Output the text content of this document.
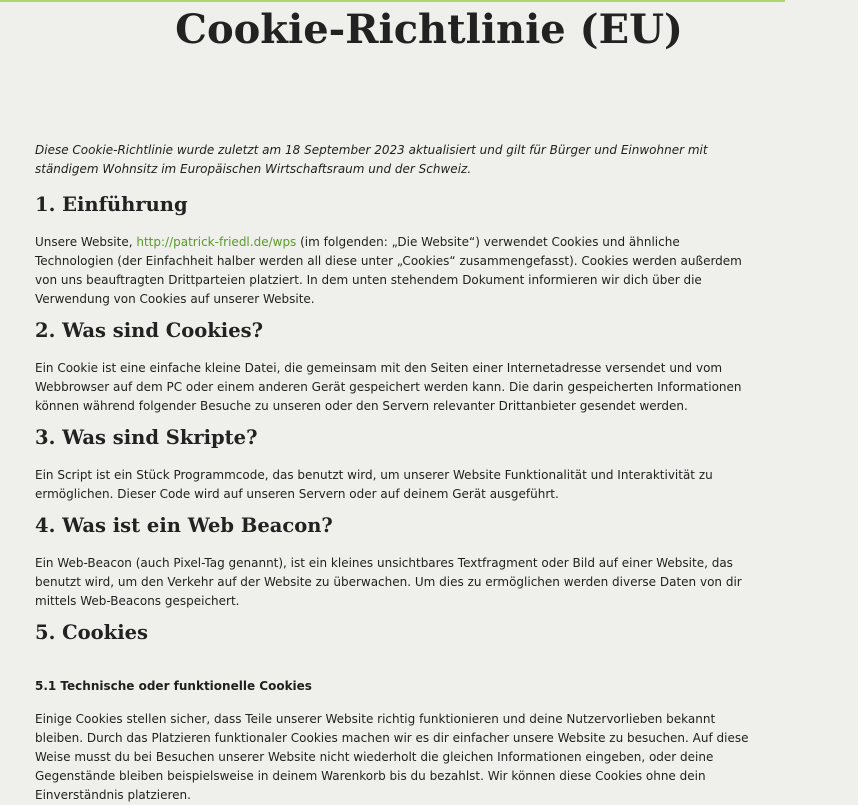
Cookie-Richtlinie (EU)

Diese Cookie-Richtlinie wurde zuletzt am 18 September 2023 aktualisiert und gilt für Bürger und Einwohner mit ständigem Wohnsitz im Europäischen Wirtschaftsraum und der Schweiz.

1. Einführung

Unsere Website, http://patrick-friedl.de/wps (im folgenden: „Die Website“) verwendet Cookies und ähnliche Technologien (der Einfachheit halber werden all diese unter „Cookies“ zusammengefasst). Cookies werden außerdem von uns beauftragten Drittparteien platziert. In dem unten stehendem Dokument informieren wir dich über die Verwendung von Cookies auf unserer Website.

2. Was sind Cookies?

Ein Cookie ist eine einfache kleine Datei, die gemeinsam mit den Seiten einer Internetadresse versendet und vom Webbrowser auf dem PC oder einem anderen Gerät gespeichert werden kann. Die darin gespeicherten Informationen können während folgender Besuche zu unseren oder den Servern relevanter Drittanbieter gesendet werden.

3. Was sind Skripte?

Ein Script ist ein Stück Programmcode, das benutzt wird, um unserer Website Funktionalität und Interaktivität zu ermöglichen. Dieser Code wird auf unseren Servern oder auf deinem Gerät ausgeführt.

4. Was ist ein Web Beacon?

Ein Web-Beacon (auch Pixel-Tag genannt), ist ein kleines unsichtbares Textfragment oder Bild auf einer Website, das benutzt wird, um den Verkehr auf der Website zu überwachen. Um dies zu ermöglichen werden diverse Daten von dir mittels Web-Beacons gespeichert.

5. Cookies
5.1 Technische oder funktionelle Cookies

Einige Cookies stellen sicher, dass Teile unserer Website richtig funktionieren und deine Nutzervorlieben bekannt bleiben. Durch das Platzieren funktionaler Cookies machen wir es dir einfacher unsere Website zu besuchen. Auf diese Weise musst du bei Besuchen unserer Website nicht wiederholt die gleichen Informationen eingeben, oder deine Gegenstände bleiben beispielsweise in deinem Warenkorb bis du bezahlst. Wir können diese Cookies ohne dein Einverständnis platzieren.
